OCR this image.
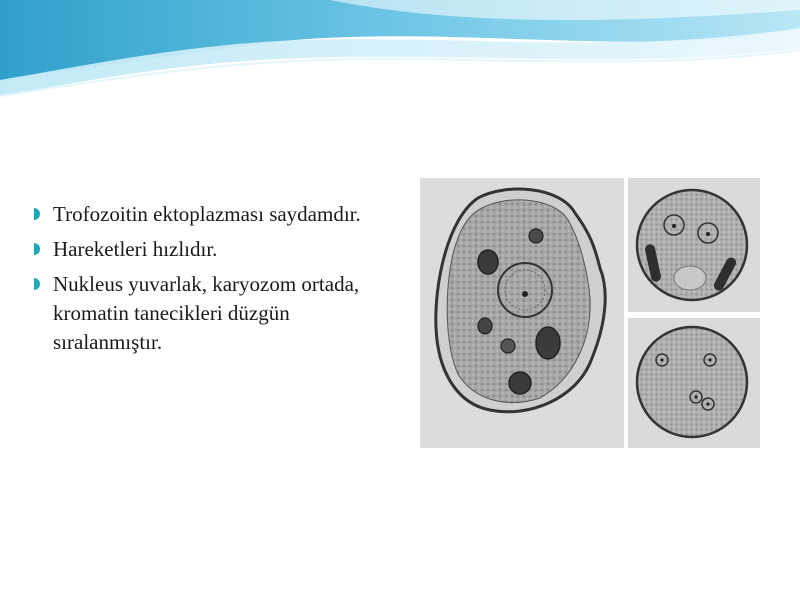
Trofozoitin ektoplazması saydamdır.
Hareketleri hızlıdır.
Nukleus yuvarlak, karyozom ortada, kromatin tanecikleri düzgün sıralanmıştır.
